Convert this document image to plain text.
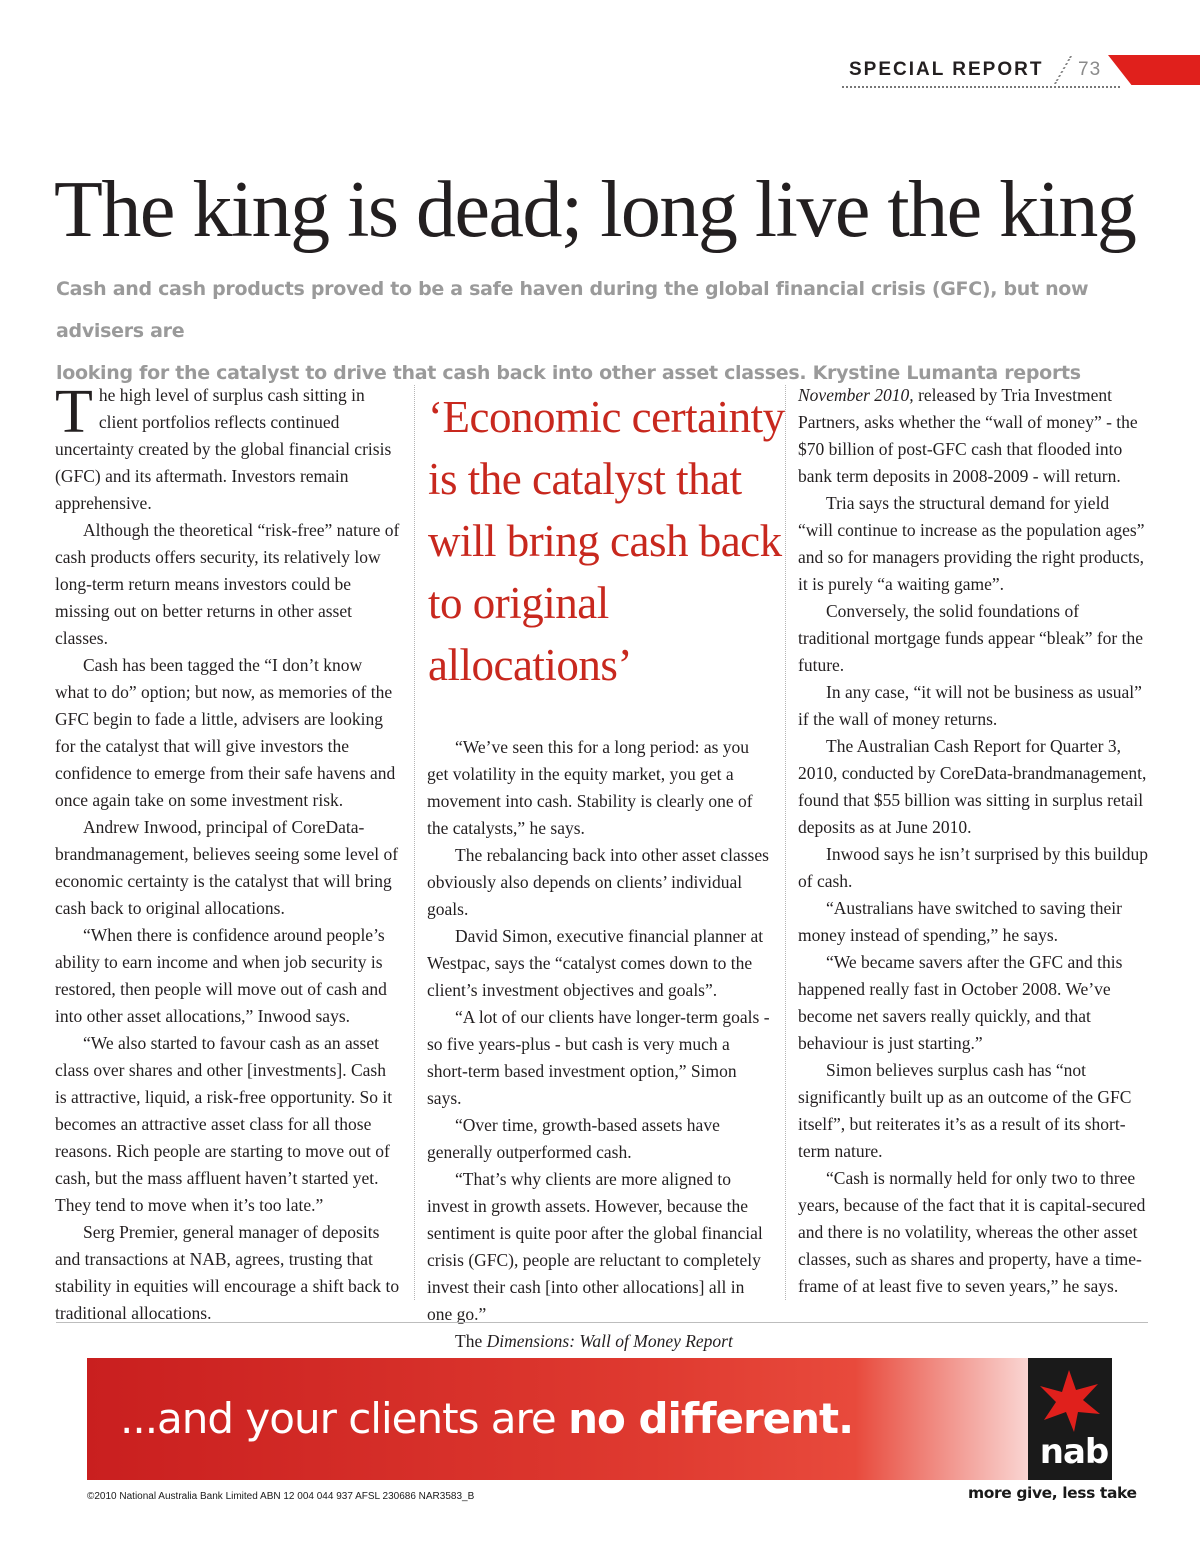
SPECIAL REPORT 73
The king is dead; long live the king
Cash and cash products proved to be a safe haven during the global financial crisis (GFC), but now advisers are
looking for the catalyst to drive that cash back into other asset classes. Krystine Lumanta reports

The high level of surplus cash sitting in client portfolios reflects continued uncertainty created by the global financial crisis (GFC) and its aftermath. Investors remain apprehensive.

Although the theoretical “risk-free” nature of cash products offers security, its relatively low long-term return means investors could be missing out on better returns in other asset classes.

Cash has been tagged the “I don’t know what to do” option; but now, as memories of the GFC begin to fade a little, advisers are looking for the catalyst that will give investors the confidence to emerge from their safe havens and once again take on some investment risk.

Andrew Inwood, principal of CoreData-brandmanagement, believes seeing some level of economic certainty is the catalyst that will bring cash back to original allocations.

“When there is confidence around people’s ability to earn income and when job security is restored, then people will move out of cash and into other asset allocations,” Inwood says.

“We also started to favour cash as an asset class over shares and other [investments]. Cash is attractive, liquid, a risk-free opportunity. So it becomes an attractive asset class for all those reasons. Rich people are starting to move out of cash, but the mass affluent haven’t started yet. They tend to move when it’s too late.”

Serg Premier, general manager of deposits and transactions at NAB, agrees, trusting that stability in equities will encourage a shift back to traditional allocations.

‘Economic certainty is the catalyst that will bring cash back to original allocations’

“We’ve seen this for a long period: as you get volatility in the equity market, you get a movement into cash. Stability is clearly one of the catalysts,” he says.

The rebalancing back into other asset classes obviously also depends on clients’ individual goals.

David Simon, executive financial planner at Westpac, says the “catalyst comes down to the client’s investment objectives and goals”.

“A lot of our clients have longer-term goals - so five years-plus - but cash is very much a short-term based investment option,” Simon says.

“Over time, growth-based assets have generally outperformed cash.

“That’s why clients are more aligned to invest in growth assets. However, because the sentiment is quite poor after the global financial crisis (GFC), people are reluctant to completely invest their cash [into other allocations] all in one go.”

The Dimensions: Wall of Money Report

November 2010, released by Tria Investment Partners, asks whether the “wall of money” - the $70 billion of post-GFC cash that flooded into bank term deposits in 2008-2009 - will return.

Tria says the structural demand for yield “will continue to increase as the population ages” and so for managers providing the right products, it is purely “a waiting game”.

Conversely, the solid foundations of traditional mortgage funds appear “bleak” for the future.

In any case, “it will not be business as usual” if the wall of money returns.

The Australian Cash Report for Quarter 3, 2010, conducted by CoreData-brandmanagement, found that $55 billion was sitting in surplus retail deposits as at June 2010.

Inwood says he isn’t surprised by this buildup of cash.

“Australians have switched to saving their money instead of spending,” he says.

“We became savers after the GFC and this happened really fast in October 2008. We’ve become net savers really quickly, and that behaviour is just starting.”

Simon believes surplus cash has “not significantly built up as an outcome of the GFC itself”, but reiterates it’s as a result of its short-term nature.

“Cash is normally held for only two to three years, because of the fact that it is capital-secured and there is no volatility, whereas the other asset classes, such as shares and property, have a time-frame of at least five to seven years,” he says.

...and your clients are no different.
nab
more give, less take
©2010 National Australia Bank Limited ABN 12 004 044 937 AFSL 230686 NAR3583_B
